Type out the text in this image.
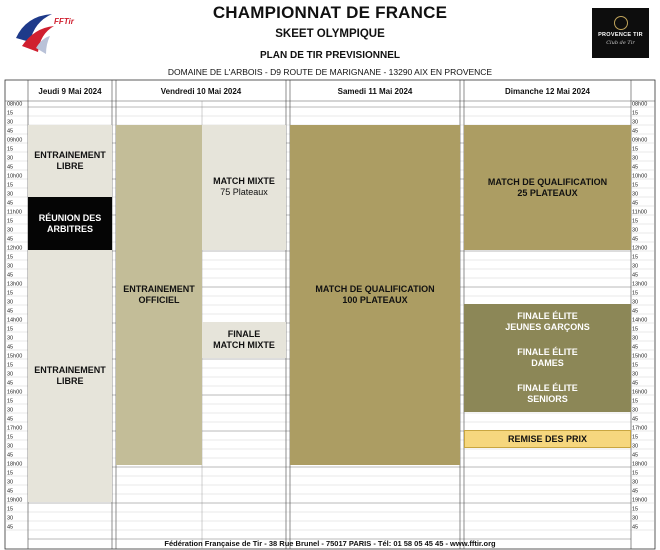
FFTir
PROVENCE TIR
Club de Tir
CHAMPIONNAT DE FRANCE
SKEET OLYMPIQUE
PLAN DE TIR PREVISIONNEL
DOMAINE DE L'ARBOIS - D9 ROUTE DE MARIGNANE - 13290 AIX EN PROVENCE
08h00	08h00
15	15
30	30
45	45
09h00	09h00
15	15
30	30
45	45
10h00	10h00
15	15
30	30
45	45
11h00	11h00
15	15
30	30
45	45
12h00	12h00
15	15
30	30
45	45
13h00	13h00
15	15
30	30
45	45
14h00	14h00
15	15
30	30
45	45
15h00	15h00
15	15
30	30
45	45
16h00	16h00
15	15
30	30
45	45
17h00	17h00
15	15
30	30
45	45
18h00	18h00
15	15
30	30
45	45
19h00	19h00
15	15
30	30
45	45
Jeudi 9 Mai 2024	Vendredi 10 Mai 2024	Samedi 11 Mai 2024	Dimanche 12 Mai 2024
ENTRAINEMENT
LIBRE
RÉUNION DES
ARBITRES
ENTRAINEMENT
LIBRE
ENTRAINEMENT
OFFICIEL
MATCH MIXTE
75 Plateaux
FINALE
MATCH MIXTE
MATCH DE QUALIFICATION
100 PLATEAUX
MATCH DE QUALIFICATION
25 PLATEAUX
FINALE ÉLITE
JEUNES GARÇONS
FINALE ÉLITE
DAMES
FINALE ÉLITE
SENIORS
REMISE DES PRIX
Fédération Française de Tir - 38 Rue Brunel - 75017 PARIS - Tél: 01 58 05 45 45 - www.fftir.org
